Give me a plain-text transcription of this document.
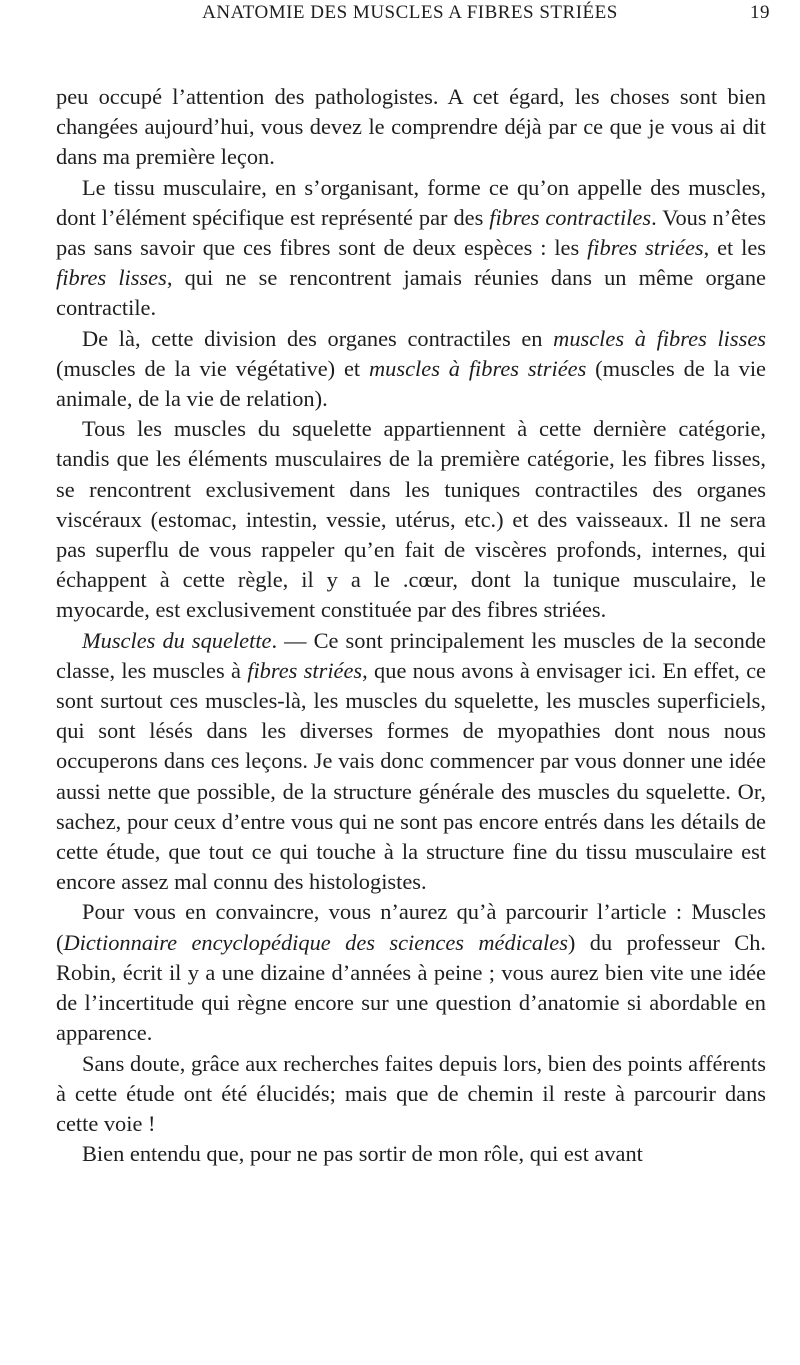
ANATOMIE DES MUSCLES A FIBRES STRIÉES	19

peu occupé l’attention des pathologistes. A cet égard, les choses sont bien changées aujourd’hui, vous devez le comprendre déjà par ce que je vous ai dit dans ma première leçon.

Le tissu musculaire, en s’organisant, forme ce qu’on appelle des muscles, dont l’élément spécifique est représenté par des fibres contractiles. Vous n’êtes pas sans savoir que ces fibres sont de deux espèces : les fibres striées, et les fibres lisses, qui ne se rencontrent jamais réunies dans un même organe contractile.

De là, cette division des organes contractiles en muscles à fibres lisses (muscles de la vie végétative) et muscles à fibres striées (muscles de la vie animale, de la vie de relation).

Tous les muscles du squelette appartiennent à cette dernière catégorie, tandis que les éléments musculaires de la première catégorie, les fibres lisses, se rencontrent exclusivement dans les tuniques contractiles des organes viscéraux (estomac, intestin, vessie, utérus, etc.) et des vaisseaux. Il ne sera pas superflu de vous rappeler qu’en fait de viscères profonds, internes, qui échappent à cette règle, il y a le .cœur, dont la tunique musculaire, le myocarde, est exclusivement constituée par des fibres striées.

Muscles du squelette. — Ce sont principalement les muscles de la seconde classe, les muscles à fibres striées, que nous avons à envisager ici. En effet, ce sont surtout ces muscles-là, les muscles du squelette, les muscles superficiels, qui sont lésés dans les diverses formes de myopathies dont nous nous occuperons dans ces leçons. Je vais donc commencer par vous donner une idée aussi nette que possible, de la structure générale des muscles du squelette. Or, sachez, pour ceux d’entre vous qui ne sont pas encore entrés dans les détails de cette étude, que tout ce qui touche à la structure fine du tissu musculaire est encore assez mal connu des histologistes.

Pour vous en convaincre, vous n’aurez qu’à parcourir l’article : Muscles (Dictionnaire encyclopédique des sciences médicales) du professeur Ch. Robin, écrit il y a une dizaine d’années à peine ; vous aurez bien vite une idée de l’incertitude qui règne encore sur une question d’anatomie si abordable en apparence.

Sans doute, grâce aux recherches faites depuis lors, bien des points afférents à cette étude ont été élucidés; mais que de chemin il reste à parcourir dans cette voie !

Bien entendu que, pour ne pas sortir de mon rôle, qui est avant
